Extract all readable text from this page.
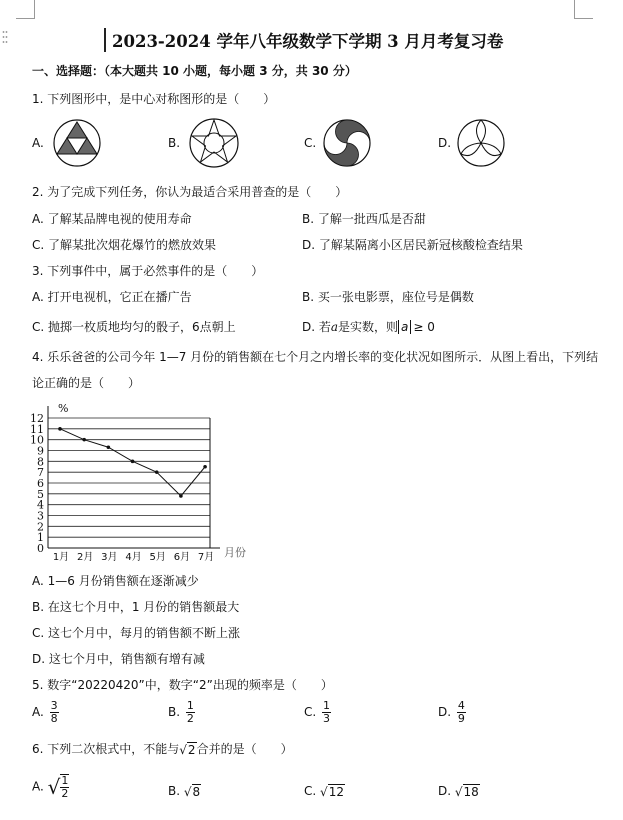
2023-2024 学年八年级数学下学期 3 月月考复习卷
一、选择题：（本大题共 10 小题，每小题 3 分，共 30 分）
1. 下列图形中，是中心对称图形的是（　　）
A.	B.	C.	D.
2. 为了完成下列任务，你认为最适合采用普查的是（　　）
A. 了解某品牌电视的使用寿命	B. 了解一批西瓜是否甜
C. 了解某批次烟花爆竹的燃放效果	D. 了解某隔离小区居民新冠核酸检查结果
3. 下列事件中，属于必然事件的是（　　）
A. 打开电视机，它正在播广告	B. 买一张电影票，座位号是偶数
C. 抛掷一枚质地均匀的骰子，6点朝上	D. 若a是实数，则 a ≥ 0
4. 乐乐爸爸的公司今年 1—7 月份的销售额在七个月之内增长率的变化状况如图所示．从图上看出，下列结
论正确的是（　　）
0
1
2
3
4
5
6
7
8
9
10
11
12
%
月份
1月 2月 3月 4月 5月 6月 7月
A. 1—6 月份销售额在逐渐减少
B. 在这七个月中，1 月份的销售额最大
C. 这七个月中，每月的销售额不断上涨
D. 这七个月中，销售额有增有减
5. 数字“20220420”中，数字“2”出现的频率是（　　）
A. $\frac{3}{8}$	B. $\frac{1}{2}$	C. $\frac{1}{3}$	D. $\frac{4}{9}$
6. 下列二次根式中，不能与√2合并的是（　　）
A. √ $\frac{1}{2}$	B. √8	C. √12	D. √18
